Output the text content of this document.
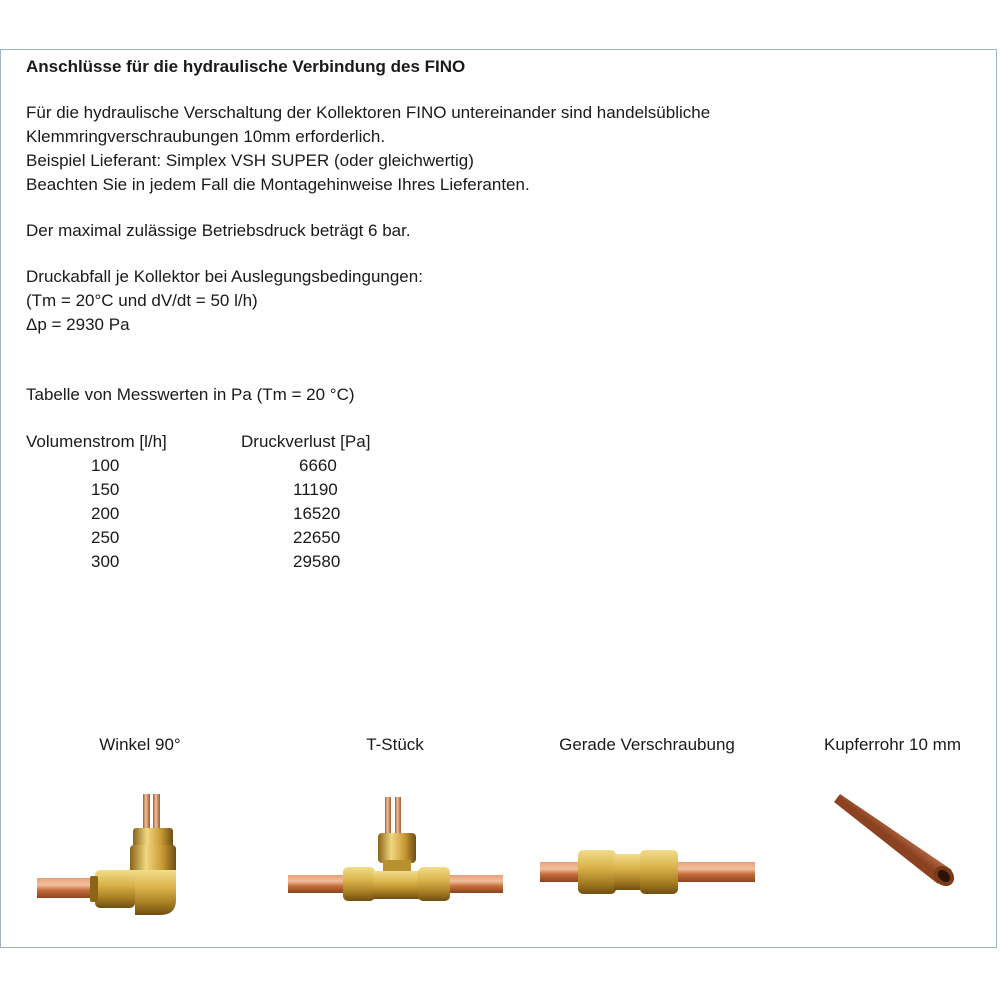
Anschlüsse für die hydraulische Verbindung des FINO
Für die hydraulische Verschaltung der Kollektoren FINO untereinander sind handelsübliche
Klemmringverschraubungen 10mm erforderlich.
Beispiel Lieferant: Simplex VSH SUPER (oder gleichwertig)
Beachten Sie in jedem Fall die Montagehinweise Ihres Lieferanten.
Der maximal zulässige Betriebsdruck beträgt 6 bar.
Druckabfall je Kollektor bei Auslegungsbedingungen:
(Tm = 20°C und dV/dt = 50 l/h)
Δp = 2930 Pa
Tabelle von Messwerten in Pa (Tm = 20 °C)
Volumenstrom [l/h]	Druckverlust [Pa]
100	6660
150	11190
200	16520
250	22650
300	29580
Winkel 90°	T-Stück	Gerade Verschraubung	Kupferrohr 10 mm
